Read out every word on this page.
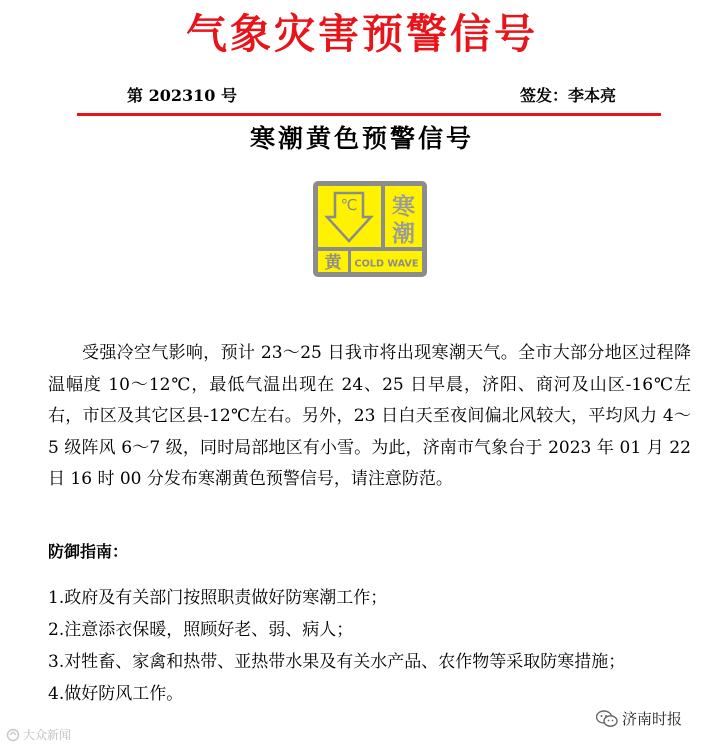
气象灾害预警信号
第 202310 号	签发：李本亮
寒潮黄色预警信号
℃ 寒
潮
黄 COLD WAVE

受强冷空气影响，预计 23～25 日我市将出现寒潮天气。全市大部分地区过程降温幅度 10～12℃，最低气温出现在 24、25 日早晨，济阳、商河及山区-16℃左右，市区及其它区县-12℃左右。另外，23 日白天至夜间偏北风较大，平均风力 4～5 级阵风 6～7 级，同时局部地区有小雪。为此，济南市气象台于 2023 年 01 月 22 日 16 时 00 分发布寒潮黄色预警信号，请注意防范。

防御指南：
1.政府及有关部门按照职责做好防寒潮工作；
2.注意添衣保暖，照顾好老、弱、病人；
3.对牲畜、家禽和热带、亚热带水果及有关水产品、农作物等采取防寒措施；
4.做好防风工作。
济南时报
大众新闻
